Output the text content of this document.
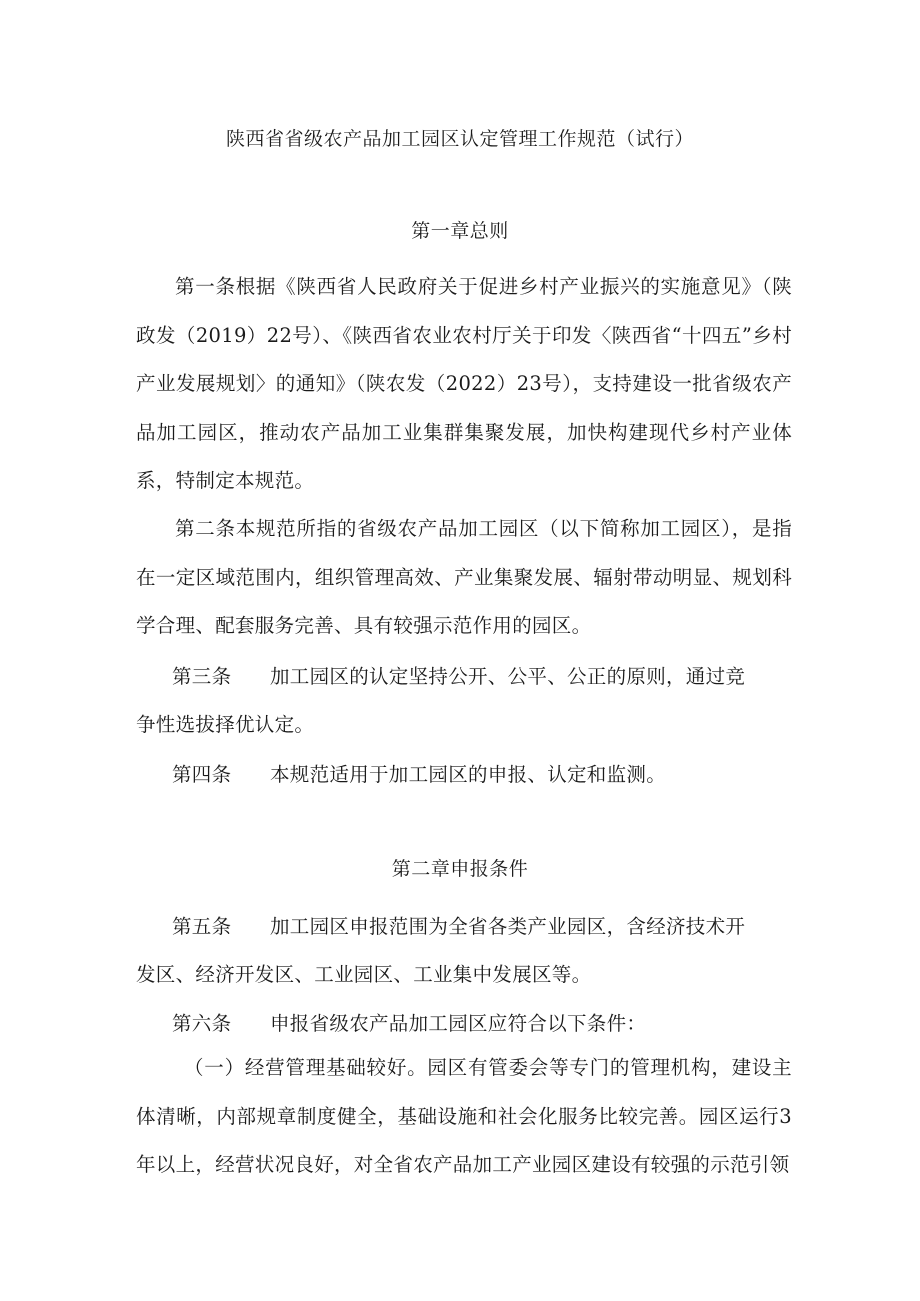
陕西省省级农产品加工园区认定管理工作规范（试行）
第一章总则
第一条根据《陕西省人民政府关于促进乡村产业振兴的实施意见》（陕政发（2019）22号）、《陕西省农业农村厅关于印发〈陕西省“十四五”乡村产业发展规划〉的通知》（陕农发（2022）23号），支持建设一批省级农产品加工园区，推动农产品加工业集群集聚发展，加快构建现代乡村产业体系，特制定本规范。
第二条本规范所指的省级农产品加工园区（以下简称加工园区），是指在一定区域范围内，组织管理高效、产业集聚发展、辐射带动明显、规划科学合理、配套服务完善、具有较强示范作用的园区。
第三条 加工园区的认定坚持公开、公平、公正的原则，通过竞
争性选拔择优认定。
第四条 本规范适用于加工园区的申报、认定和监测。
第二章申报条件
第五条 加工园区申报范围为全省各类产业园区，含经济技术开
发区、经济开发区、工业园区、工业集中发展区等。
第六条 申报省级农产品加工园区应符合以下条件：
（一）经营管理基础较好。园区有管委会等专门的管理机构，建设主体清晰，内部规章制度健全，基础设施和社会化服务比较完善。园区运行3年以上，经营状况良好，对全省农产品加工产业园区建设有较强的示范引领
